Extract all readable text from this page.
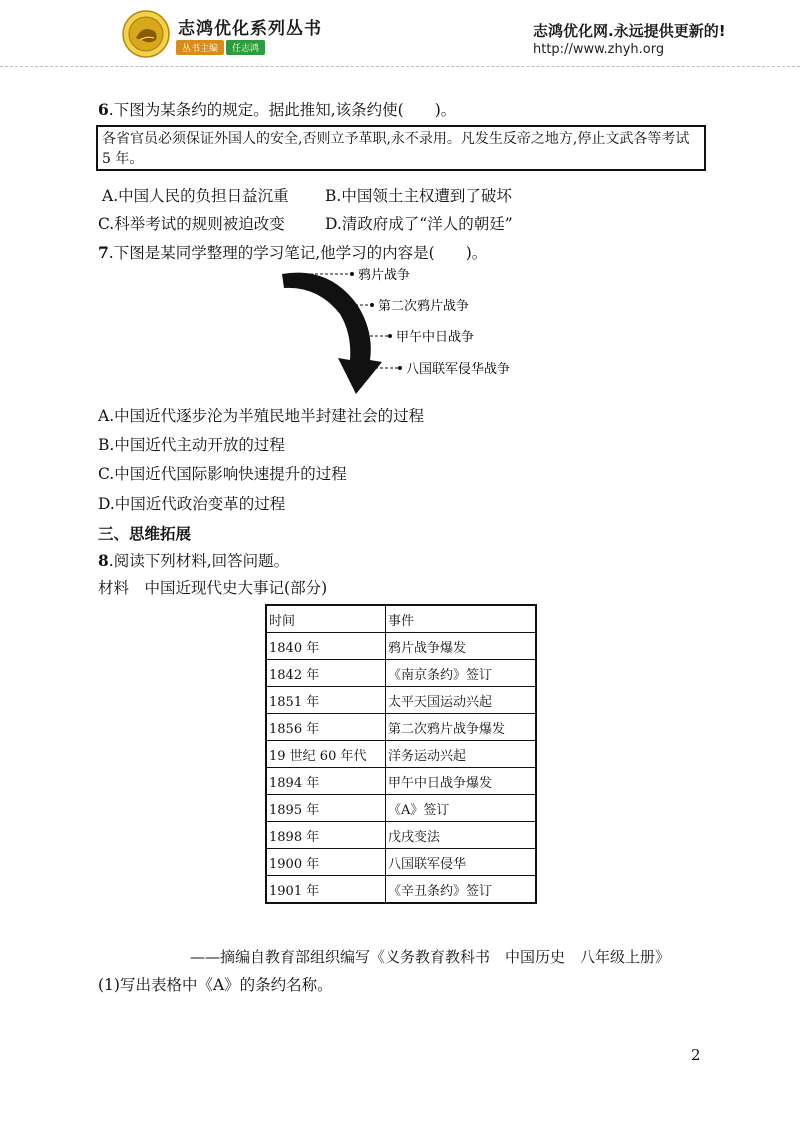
志鸿优化系列丛书
丛书主编	任志鸿
志鸿优化网.永远提供更新的!
http://www.zhyh.org
6.下图为某条约的规定。据此推知,该条约使(　　)。
各省官员必须保证外国人的安全,否则立予革职,永不录用。凡发生反帝之地方,停止文武各等考试 5 年。
A.中国人民的负担日益沉重 B.中国领土主权遭到了破坏
C.科举考试的规则被迫改变	D.清政府成了“洋人的朝廷”
7.下图是某同学整理的学习笔记,他学习的内容是(　　)。
鸦片战争
第二次鸦片战争
甲午中日战争
八国联军侵华战争
A.中国近代逐步沦为半殖民地半封建社会的过程
B.中国近代主动开放的过程
C.中国近代国际影响快速提升的过程
D.中国近代政治变革的过程
三、思维拓展
8.阅读下列材料,回答问题。
材料　 中国近现代史大事记(部分)
时间	事件
1840 年	鸦片战争爆发
1842 年	《南京条约》签订
1851 年	太平天国运动兴起
1856 年	第二次鸦片战争爆发
19 世纪 60 年代	洋务运动兴起
1894 年	甲午中日战争爆发
1895 年	《A》签订
1898 年	戊戌变法
1900 年	八国联军侵华
1901 年	《辛丑条约》签订
——摘编自教育部组织编写《义务教育教科书　中国历史　八年级上册》
(1)写出表格中《A》的条约名称。
2
